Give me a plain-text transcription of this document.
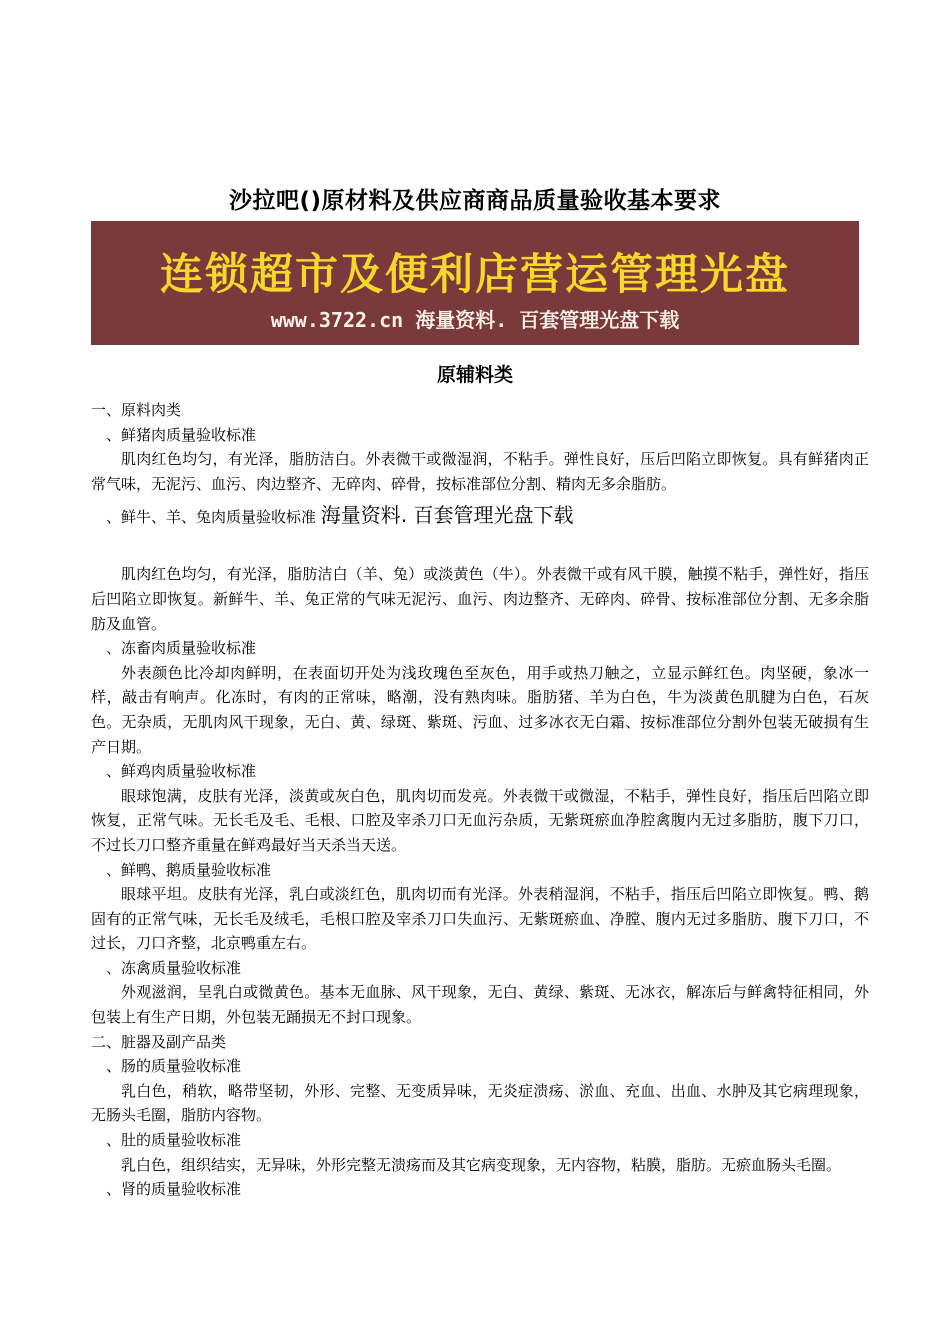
沙拉吧()原材料及供应商商品质量验收基本要求
连锁超市及便利店营运管理光盘
www.3722.cn 海量资料. 百套管理光盘下载
原辅料类
一、原料肉类
、鲜猪肉质量验收标准
肌肉红色均匀，有光泽，脂肪洁白。外表微干或微湿润，不粘手。弹性良好，压后凹陷立即恢复。具有鲜猪肉正常气味，无泥污、血污、肉边整齐、无碎肉、碎骨，按标准部位分割、精肉无多余脂肪。
、鲜牛、羊、兔肉质量验收标准 海量资料. 百套管理光盘下载
肌肉红色均匀，有光泽，脂肪洁白（羊、兔）或淡黄色（牛）。外表微干或有风干膜，触摸不粘手，弹性好，指压后凹陷立即恢复。新鲜牛、羊、兔正常的气味无泥污、血污、肉边整齐、无碎肉、碎骨、按标准部位分割、无多余脂肪及血管。
、冻畜肉质量验收标准
外表颜色比冷却肉鲜明，在表面切开处为浅玫瑰色至灰色，用手或热刀触之，立显示鲜红色。肉坚硬，象冰一样，敲击有响声。化冻时，有肉的正常味，略潮，没有熟肉味。脂肪猪、羊为白色，牛为淡黄色肌腱为白色，石灰色。无杂质，无肌肉风干现象，无白、黄、绿斑、紫斑、污血、过多冰衣无白霜、按标准部位分割外包装无破损有生产日期。
、鲜鸡肉质量验收标准
眼球饱满，皮肤有光泽，淡黄或灰白色，肌肉切而发亮。外表微干或微湿，不粘手，弹性良好，指压后凹陷立即恢复，正常气味。无长毛及毛、毛根、口腔及宰杀刀口无血污杂质，无紫斑瘀血净腔禽腹内无过多脂肪，腹下刀口，不过长刀口整齐重量在鲜鸡最好当天杀当天送。
、鲜鸭、鹅质量验收标准
眼球平坦。皮肤有光泽，乳白或淡红色，肌肉切而有光泽。外表稍湿润，不粘手，指压后凹陷立即恢复。鸭、鹅固有的正常气味，无长毛及绒毛，毛根口腔及宰杀刀口失血污、无紫斑瘀血、净膛、腹内无过多脂肪、腹下刀口，不过长，刀口齐整，北京鸭重左右。
、冻禽质量验收标准
外观滋润，呈乳白或微黄色。基本无血脉、风干现象，无白、黄绿、紫斑、无冰衣，解冻后与鲜禽特征相同，外包装上有生产日期，外包装无踊损无不封口现象。
二、脏器及副产品类
、肠的质量验收标准
乳白色，稍软，略带坚韧，外形、完整、无变质异味，无炎症溃疡、淤血、充血、出血、水肿及其它病理现象，无肠头毛圈，脂肪内容物。
、肚的质量验收标准
乳白色，组织结实，无异味，外形完整无溃疡而及其它病变现象，无内容物，粘膜，脂肪。无瘀血肠头毛圈。
、肾的质量验收标准
